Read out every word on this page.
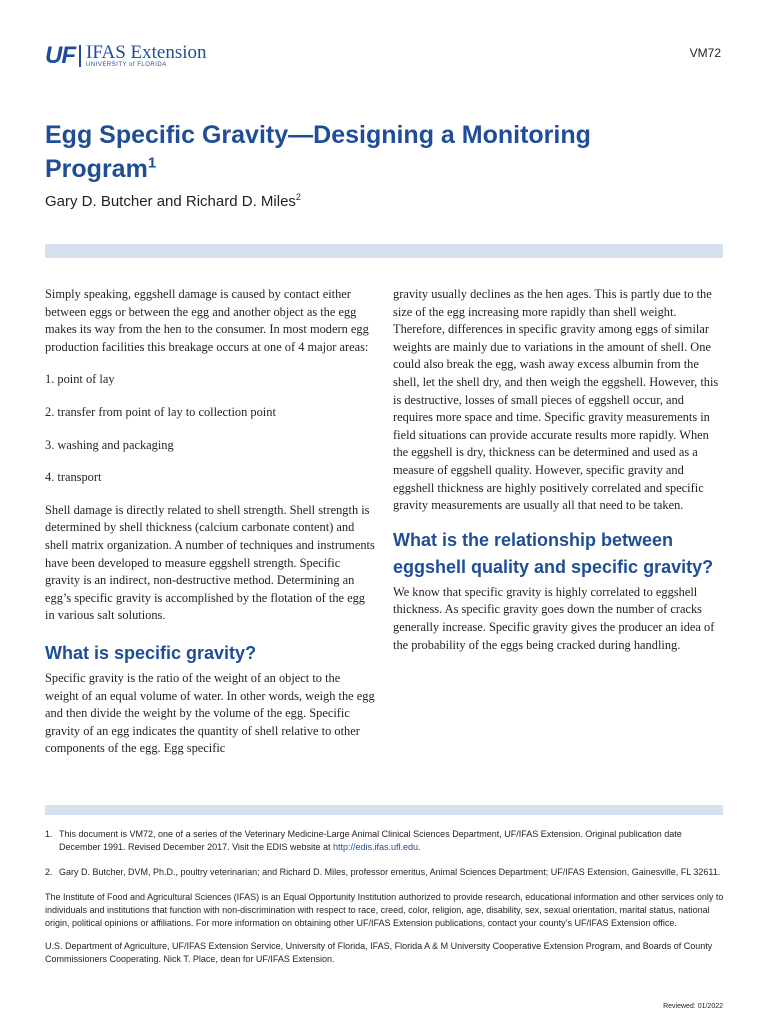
UF IFAS Extension
UNIVERSITY of FLORIDA
VM72
Egg Specific Gravity—Designing a Monitoring Program$^1$

Gary D. Butcher and Richard D. Miles$^2$

Simply speaking, eggshell damage is caused by contact either between eggs or between the egg and another object as the egg makes its way from the hen to the consumer. In most modern egg production facilities this breakage occurs at one of 4 major areas:

1. point of lay
2. transfer from point of lay to collection point
3. washing and packaging
4. transport

Shell damage is directly related to shell strength. Shell strength is determined by shell thickness (calcium carbonate content) and shell matrix organization. A number of techniques and instruments have been developed to measure eggshell strength. Specific gravity is an indirect, non-destructive method. Determining an egg’s specific gravity is accomplished by the flotation of the egg in various salt solutions.

What is specific gravity?

Specific gravity is the ratio of the weight of an object to the weight of an equal volume of water. In other words, weigh the egg and then divide the weight by the volume of the egg. Specific gravity of an egg indicates the quantity of shell relative to other components of the egg. Egg specific

gravity usually declines as the hen ages. This is partly due to the size of the egg increasing more rapidly than shell weight. Therefore, differences in specific gravity among eggs of similar weights are mainly due to variations in the amount of shell. One could also break the egg, wash away excess albumin from the shell, let the shell dry, and then weigh the eggshell. However, this is destructive, losses of small pieces of eggshell occur, and requires more space and time. Specific gravity measurements in field situations can provide accurate results more rapidly. When the eggshell is dry, thickness can be determined and used as a measure of eggshell quality. However, specific gravity and eggshell thickness are highly positively correlated and specific gravity measurements are usually all that need to be taken.

What is the relationship between eggshell quality and specific gravity?

We know that specific gravity is highly correlated to eggshell thickness. As specific gravity goes down the number of cracks generally increase. Specific gravity gives the producer an idea of the probability of the eggs being cracked during handling.

1. This document is VM72, one of a series of the Veterinary Medicine-Large Animal Clinical Sciences Department, UF/IFAS Extension. Original publication date December 1991. Revised December 2017. Visit the EDIS website at http://edis.ifas.ufl.edu.
2. Gary D. Butcher, DVM, Ph.D., poultry veterinarian; and Richard D. Miles, professor emeritus, Animal Sciences Department; UF/IFAS Extension, Gainesville, FL 32611.

The Institute of Food and Agricultural Sciences (IFAS) is an Equal Opportunity Institution authorized to provide research, educational information and other services only to individuals and institutions that function with non-discrimination with respect to race, creed, color, religion, age, disability, sex, sexual orientation, marital status, national origin, political opinions or affiliations. For more information on obtaining other UF/IFAS Extension publications, contact your county’s UF/IFAS Extension office.

U.S. Department of Agriculture, UF/IFAS Extension Service, University of Florida, IFAS, Florida A & M University Cooperative Extension Program, and Boards of County Commissioners Cooperating. Nick T. Place, dean for UF/IFAS Extension.

Reviewed: 01/2022
